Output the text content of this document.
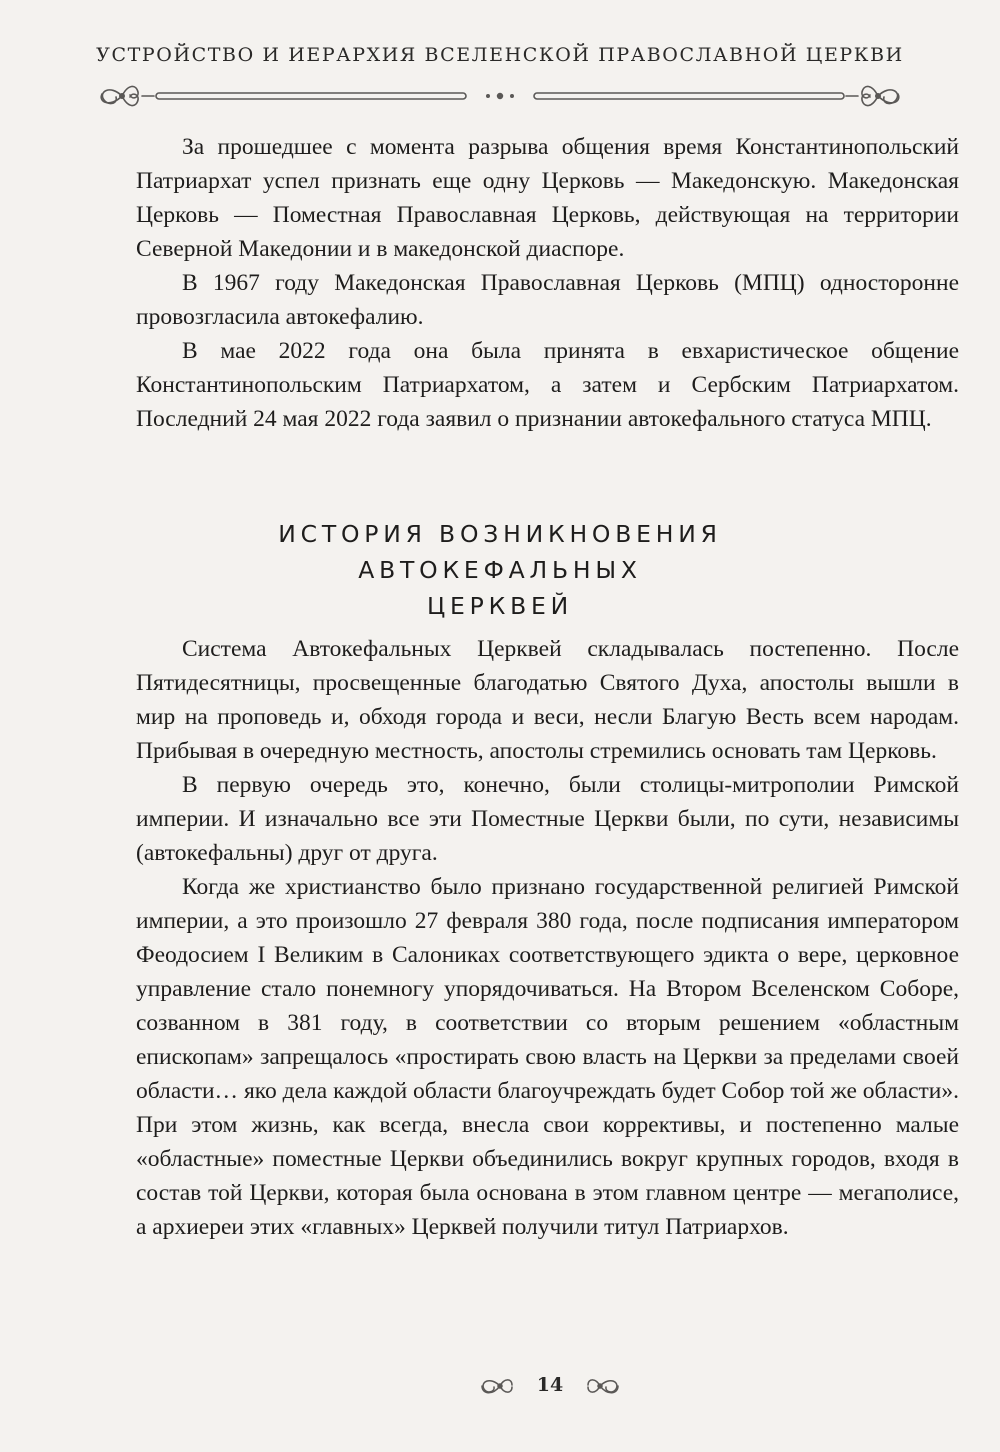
УСТРОЙСТВО И ИЕРАРХИЯ ВСЕЛЕНСКОЙ ПРАВОСЛАВНОЙ ЦЕРКВИ

За прошедшее с момента разрыва общения время Константинопольский Патриархат успел признать еще одну Церковь — Македонскую. Македонская Церковь — Поместная Православная Церковь, действующая на территории Северной Македонии и в македонской диаспоре.

В 1967 году Македонская Православная Церковь (МПЦ) односторонне провозгласила автокефалию.

В мае 2022 года она была принята в евхаристическое общение Константинопольским Патриархатом, а затем и Сербским Патриархатом. Последний 24 мая 2022 года заявил о признании автокефального статуса МПЦ.

ИСТОРИЯ ВОЗНИКНОВЕНИЯ
АВТОКЕФАЛЬНЫХ
ЦЕРКВЕЙ

Система Автокефальных Церквей складывалась постепенно. После Пятидесятницы, просвещенные благодатью Святого Духа, апостолы вышли в мир на проповедь и, обходя города и веси, несли Благую Весть всем народам. Прибывая в очередную местность, апостолы стремились основать там Церковь.

В первую очередь это, конечно, были столицы-митрополии Римской империи. И изначально все эти Поместные Церкви были, по сути, независимы (автокефальны) друг от друга.

Когда же христианство было признано государственной религией Римской империи, а это произошло 27 февраля 380 года, после подписания императором Феодосием I Великим в Салониках соответствующего эдикта о вере, церковное управление стало понемногу упорядочиваться. На Втором Вселенском Соборе, созванном в 381 году, в соответствии со вторым решением «областным епископам» запрещалось «простирать свою власть на Церкви за пределами своей области… яко дела каждой области благоучреждать будет Собор той же области». При этом жизнь, как всегда, внесла свои коррективы, и постепенно малые «областные» поместные Церкви объединились вокруг крупных городов, входя в состав той Церкви, которая была основана в этом главном центре — мегаполисе, а архиереи этих «главных» Церквей получили титул Патриархов.

14
